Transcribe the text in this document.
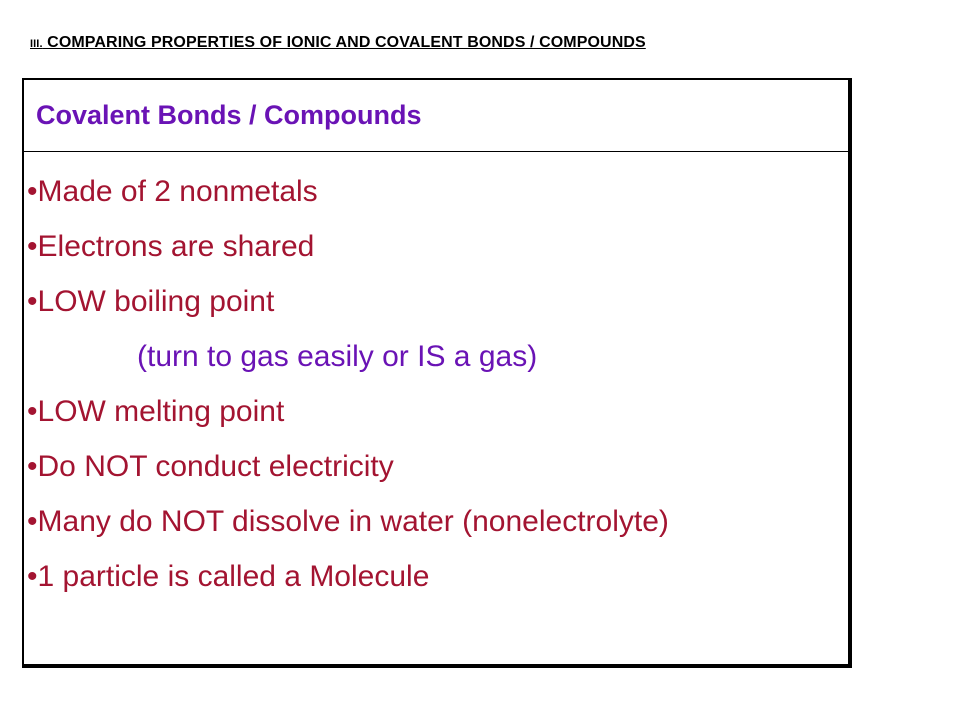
III. COMPARING PROPERTIES OF IONIC AND COVALENT BONDS / COMPOUNDS
Covalent Bonds / Compounds
•Made of 2 nonmetals
•Electrons are shared
•LOW boiling point
(turn to gas easily or IS a gas)
•LOW melting point
•Do NOT conduct electricity
•Many do NOT dissolve in water (nonelectrolyte)
•1 particle is called a Molecule
